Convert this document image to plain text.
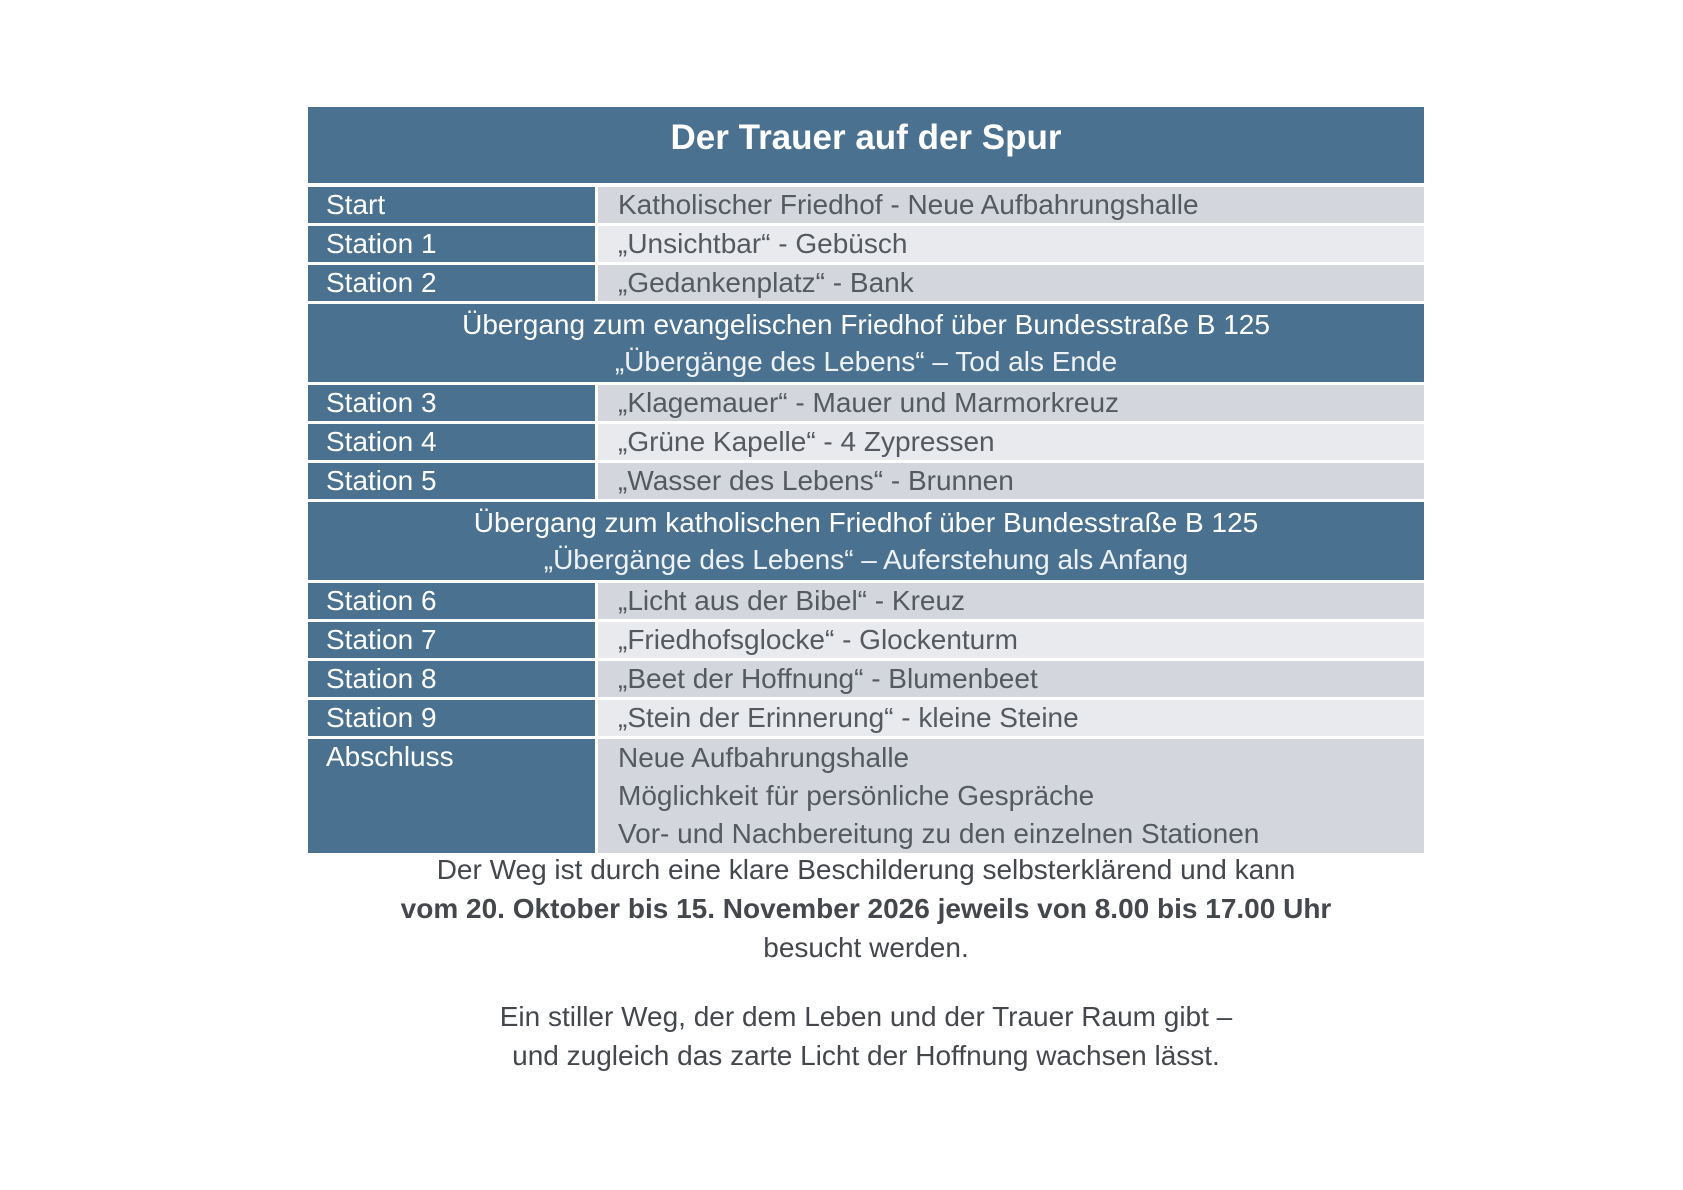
Der Trauer auf der Spur	
Start	Katholischer Friedhof - Neue Aufbahrungshalle
Station 1	„Unsichtbar“ - Gebüsch
Station 2	„Gedankenplatz“ - Bank

Übergang zum evangelischen Friedhof über Bundesstraße B 125
„Übergänge des Lebens“ – Tod als Ende	

Station 3	„Klagemauer“ - Mauer und Marmorkreuz
Station 4	„Grüne Kapelle“ - 4 Zypressen
Station 5	„Wasser des Lebens“ - Brunnen

Übergang zum katholischen Friedhof über Bundesstraße B 125
„Übergänge des Lebens“ – Auferstehung als Anfang	

Station 6	„Licht aus der Bibel“ - Kreuz
Station 7	„Friedhofsglocke“ - Glockenturm
Station 8	„Beet der Hoffnung“ - Blumenbeet
Station 9	„Stein der Erinnerung“ - kleine Steine
Abschluss	Neue Aufbahrungshalle
Möglichkeit für persönliche Gespräche
Vor- und Nachbereitung zu den einzelnen Stationen

Der Weg ist durch eine klare Beschilderung selbsterklärend und kann

vom 20. Oktober bis 15. November 2026 jeweils von 8.00 bis 17.00 Uhr

besucht werden.

Ein stiller Weg, der dem Leben und der Trauer Raum gibt –

und zugleich das zarte Licht der Hoffnung wachsen lässt.
